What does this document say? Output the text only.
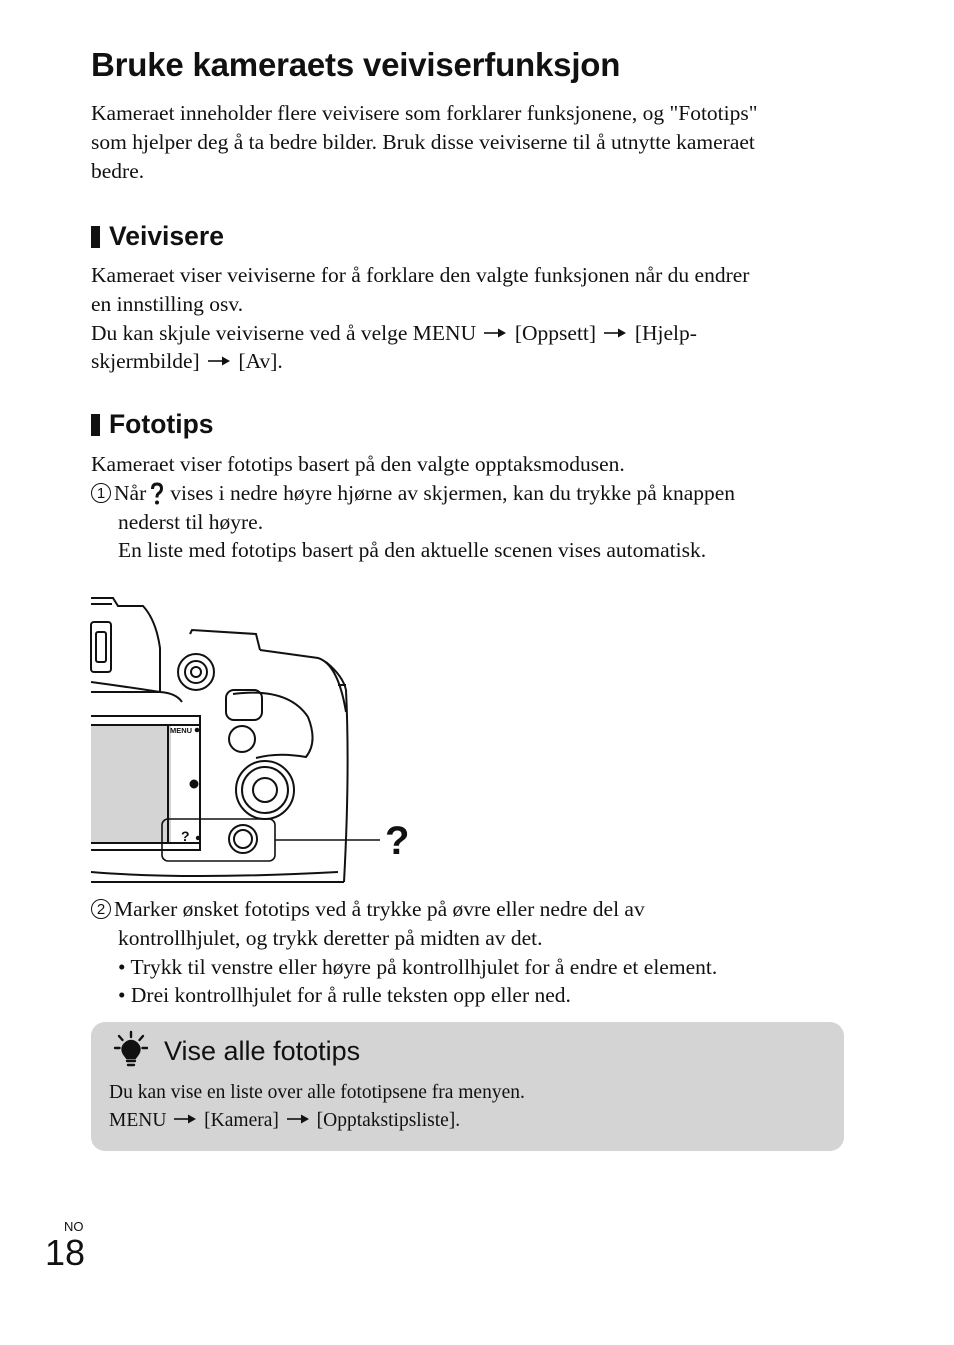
Bruke kameraets veiviserfunksjon
Kameraet inneholder flere veivisere som forklarer funksjonene, og "Fototips"
som hjelper deg å ta bedre bilder. Bruk disse veiviserne til å utnytte kameraet
bedre.
Veivisere
Kameraet viser veiviserne for å forklare den valgte funksjonen når du endrer
en innstilling osv.
Du kan skjule veiviserne ved å velge MENU [Oppsett] [Hjelp-
skjermbilde] [Av].
Fototips
Kameraet viser fototips basert på den valgte opptaksmodusen.
1 Når vises i nedre høyre hjørne av skjermen, kan du trykke på knappen
nederst til høyre.
En liste med fototips basert på den aktuelle scenen vises automatisk.
MENU
?	?
2 Marker ønsket fototips ved å trykke på øvre eller nedre del av
kontrollhjulet, og trykk deretter på midten av det.
• Trykk til venstre eller høyre på kontrollhjulet for å endre et element.
• Drei kontrollhjulet for å rulle teksten opp eller ned.
Vise alle fototips
Du kan vise en liste over alle fototipsene fra menyen.
MENU [Kamera] [Opptakstipsliste].
NO
18
